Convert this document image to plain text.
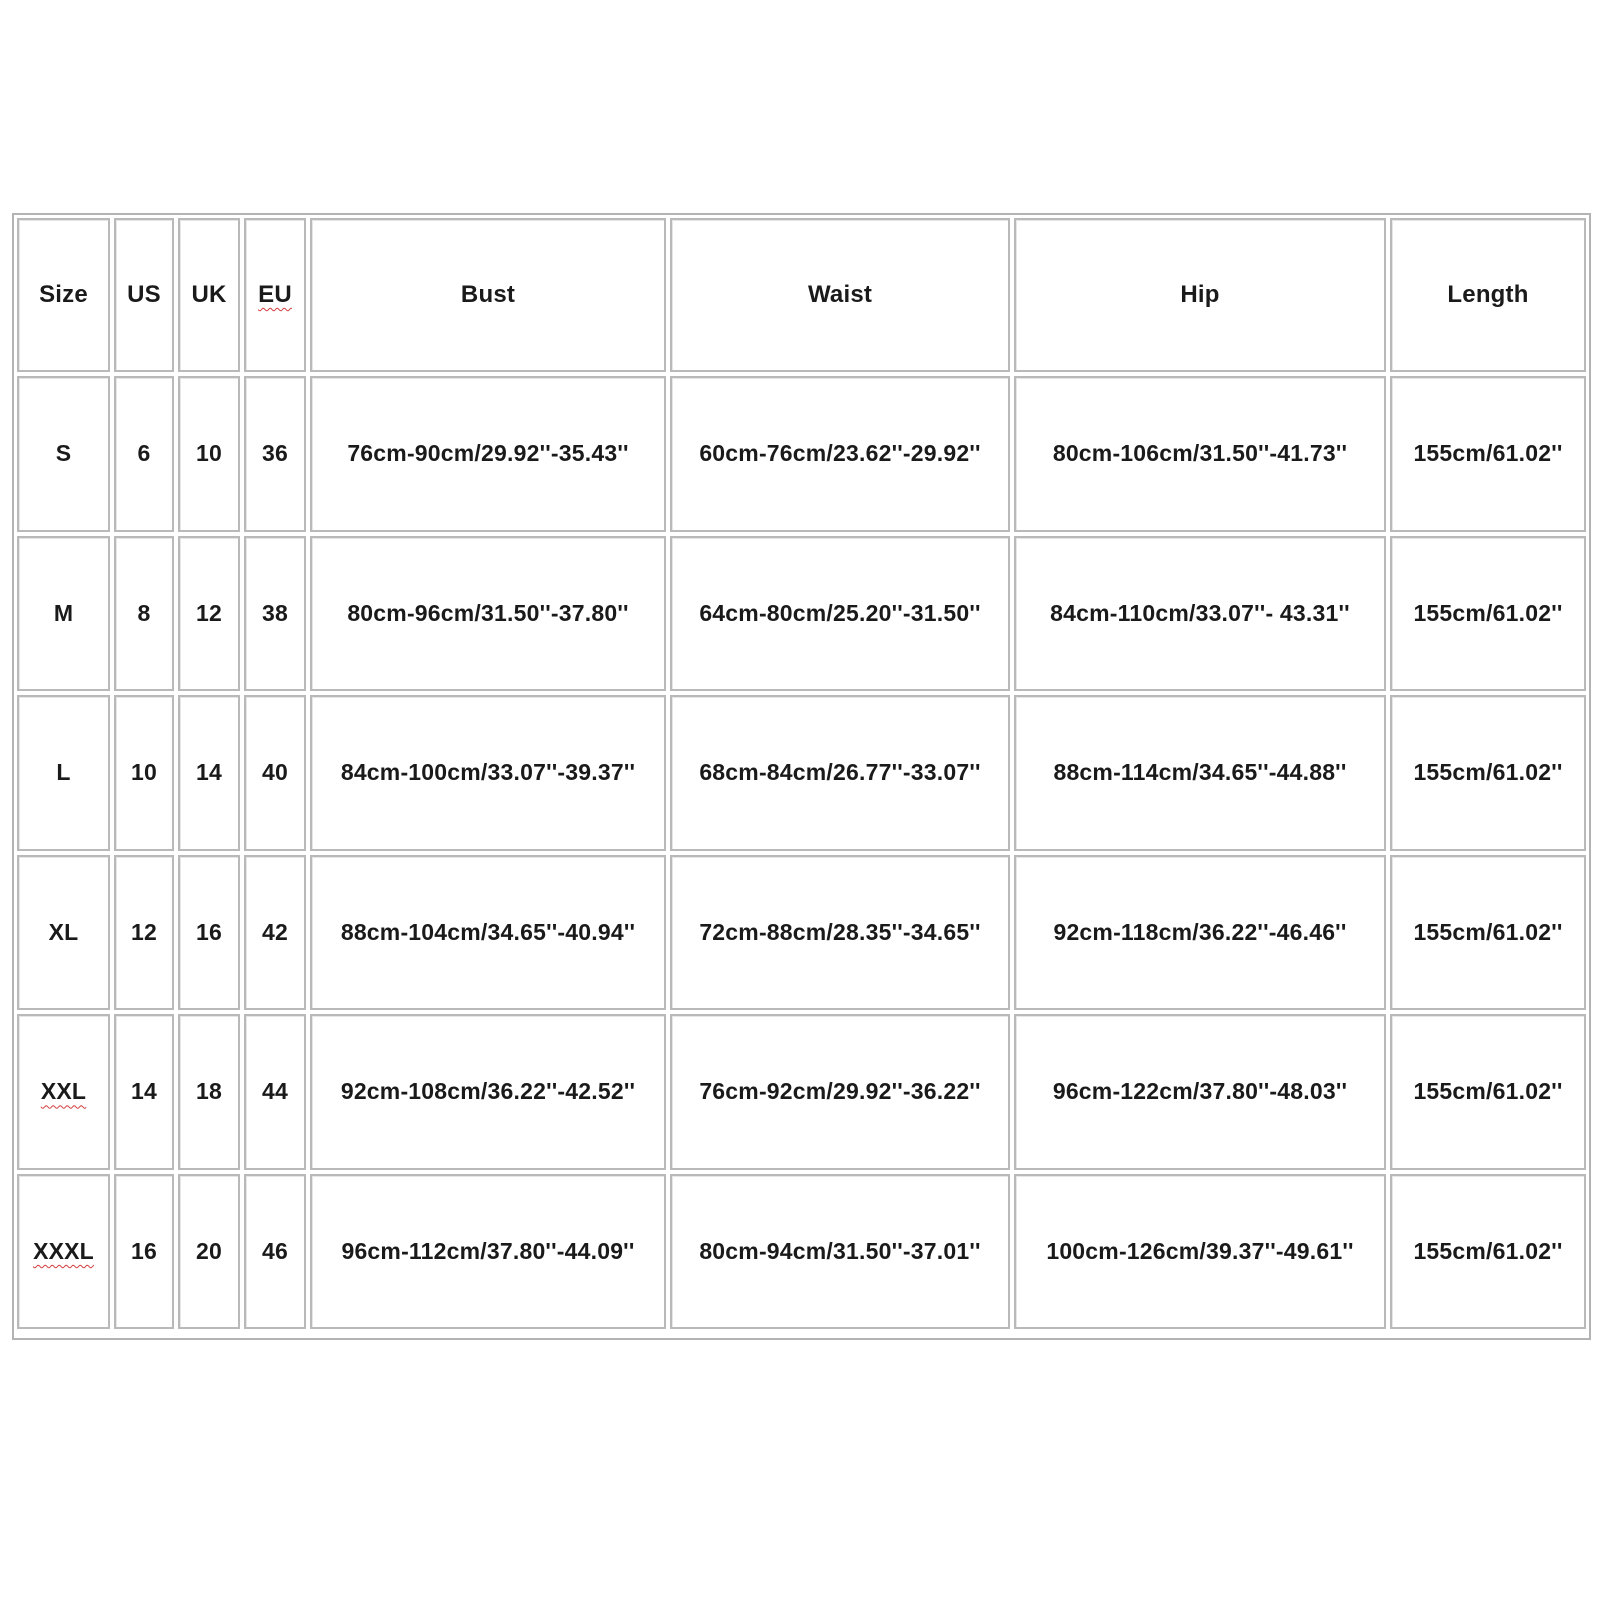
Size	US	UK	EU	Bust	Waist	Hip	Length
S	6	10	36	76cm-90cm/29.92''-35.43''	60cm-76cm/23.62''-29.92''	80cm-106cm/31.50''-41.73''	155cm/61.02''
M	8	12	38	80cm-96cm/31.50''-37.80''	64cm-80cm/25.20''-31.50''	84cm-110cm/33.07''- 43.31''	155cm/61.02''
L	10	14	40	84cm-100cm/33.07''-39.37''	68cm-84cm/26.77''-33.07''	88cm-114cm/34.65''-44.88''	155cm/61.02''
XL	12	16	42	88cm-104cm/34.65''-40.94''	72cm-88cm/28.35''-34.65''	92cm-118cm/36.22''-46.46''	155cm/61.02''
XXL	14	18	44	92cm-108cm/36.22''-42.52''	76cm-92cm/29.92''-36.22''	96cm-122cm/37.80''-48.03''	155cm/61.02''
XXXL	16	20	46	96cm-112cm/37.80''-44.09''	80cm-94cm/31.50''-37.01''	100cm-126cm/39.37''-49.61''	155cm/61.02''
